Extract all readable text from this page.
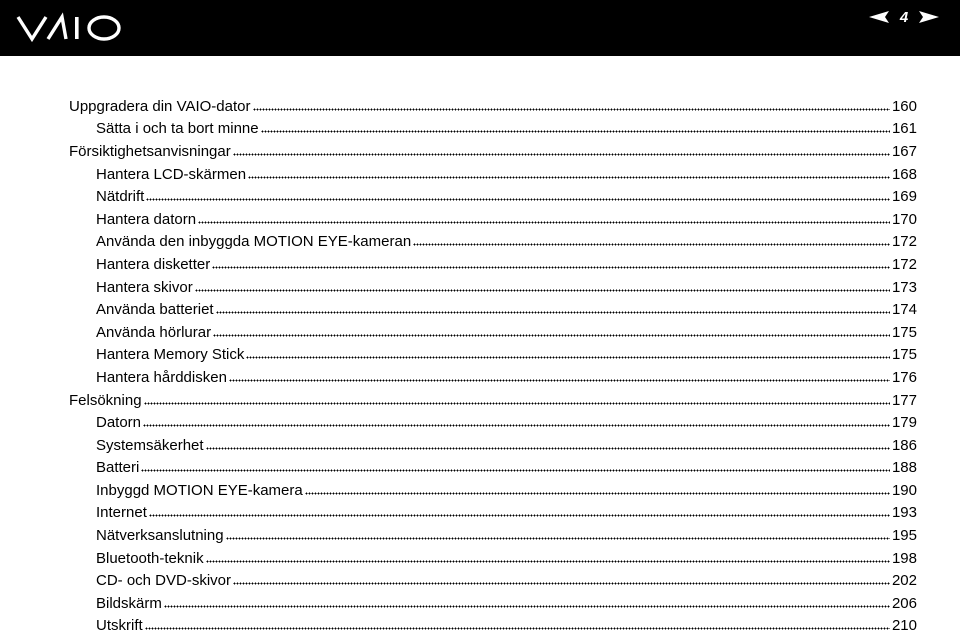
4
Uppgradera din VAIO-dator	160
Sätta i och ta bort minne	161
Försiktighetsanvisningar	167
Hantera LCD-skärmen	168
Nätdrift	169
Hantera datorn	170
Använda den inbyggda MOTION EYE-kameran	172
Hantera disketter	172
Hantera skivor	173
Använda batteriet	174
Använda hörlurar	175
Hantera Memory Stick	175
Hantera hårddisken	176
Felsökning	177
Datorn	179
Systemsäkerhet	186
Batteri	188
Inbyggd MOTION EYE-kamera	190
Internet	193
Nätverksanslutning	195
Bluetooth-teknik	198
CD- och DVD-skivor	202
Bildskärm	206
Utskrift	210
